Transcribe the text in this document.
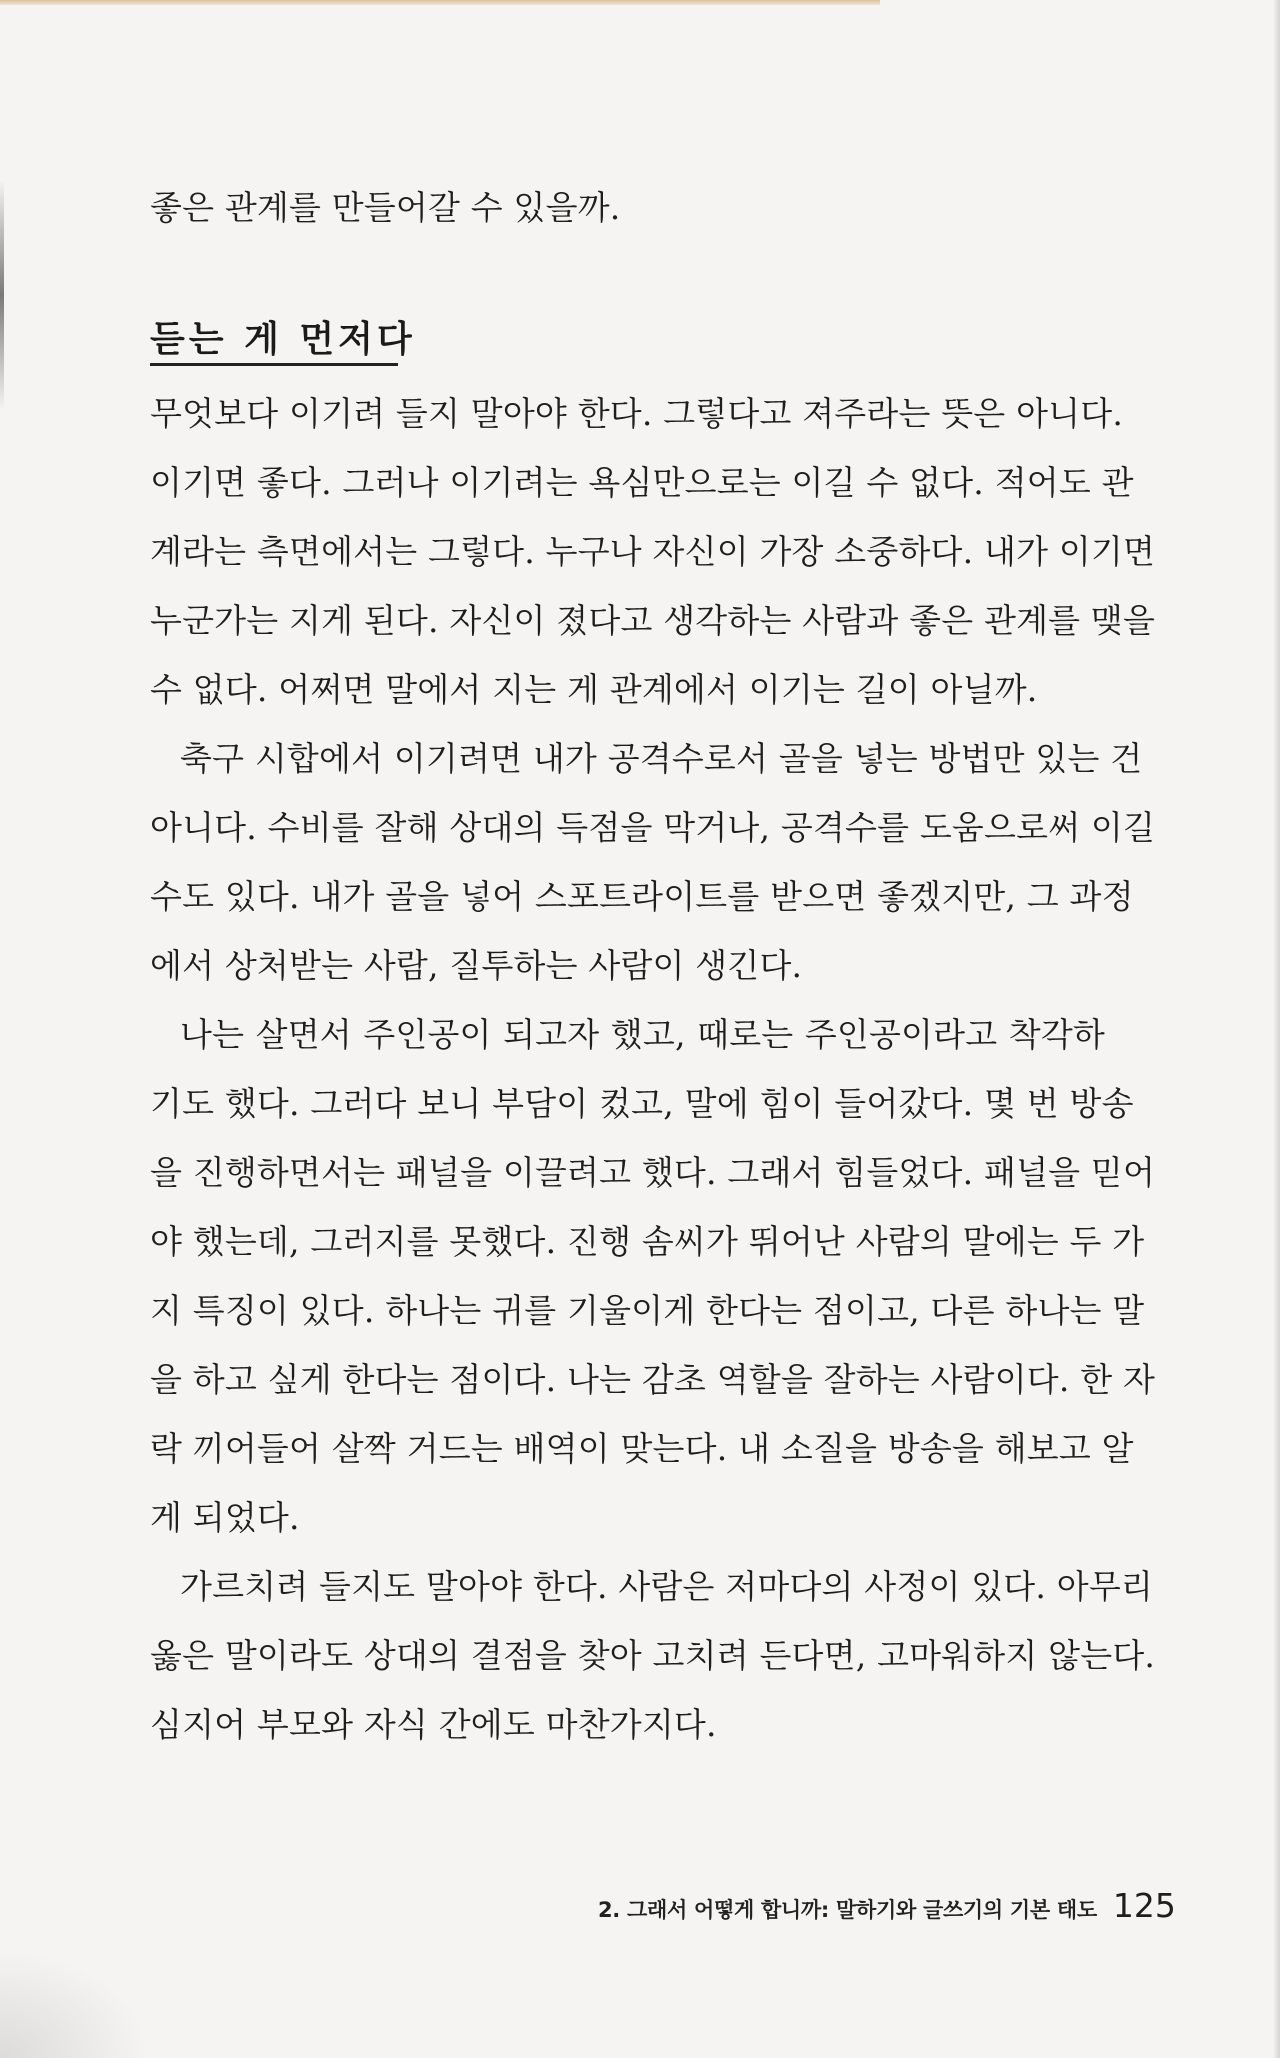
좋은 관계를 만들어갈 수 있을까.

듣는 게 먼저다

무엇보다 이기려 들지 말아야 한다. 그렇다고 져주라는 뜻은 아니다.

이기면 좋다. 그러나 이기려는 욕심만으로는 이길 수 없다. 적어도 관

계라는 측면에서는 그렇다. 누구나 자신이 가장 소중하다. 내가 이기면

누군가는 지게 된다. 자신이 졌다고 생각하는 사람과 좋은 관계를 맺을

수 없다. 어쩌면 말에서 지는 게 관계에서 이기는 길이 아닐까.

축구 시합에서 이기려면 내가 공격수로서 골을 넣는 방법만 있는 건

아니다. 수비를 잘해 상대의 득점을 막거나, 공격수를 도움으로써 이길

수도 있다. 내가 골을 넣어 스포트라이트를 받으면 좋겠지만, 그 과정

에서 상처받는 사람, 질투하는 사람이 생긴다.

나는 살면서 주인공이 되고자 했고, 때로는 주인공이라고 착각하

기도 했다. 그러다 보니 부담이 컸고, 말에 힘이 들어갔다. 몇 번 방송

을 진행하면서는 패널을 이끌려고 했다. 그래서 힘들었다. 패널을 믿어

야 했는데, 그러지를 못했다. 진행 솜씨가 뛰어난 사람의 말에는 두 가

지 특징이 있다. 하나는 귀를 기울이게 한다는 점이고, 다른 하나는 말

을 하고 싶게 한다는 점이다. 나는 감초 역할을 잘하는 사람이다. 한 자

락 끼어들어 살짝 거드는 배역이 맞는다. 내 소질을 방송을 해보고 알

게 되었다.

가르치려 들지도 말아야 한다. 사람은 저마다의 사정이 있다. 아무리

옳은 말이라도 상대의 결점을 찾아 고치려 든다면, 고마워하지 않는다.

심지어 부모와 자식 간에도 마찬가지다.

2. 그래서 어떻게 합니까: 말하기와 글쓰기의 기본 태도 125
